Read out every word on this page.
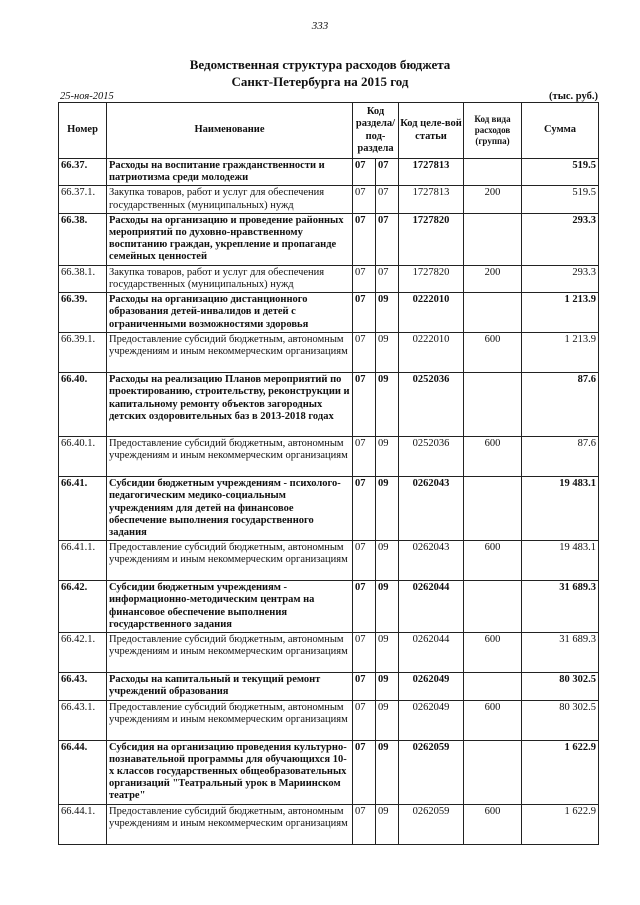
333
Ведомственная структура расходов бюджета
Санкт-Петербурга на 2015 год
25-ноя-2015	(тыс. руб.)
Номер	Наименование	Код раздела/ под-раздела		Код целе-вой статьи	Код вида расходов (группа)	Сумма
66.37.	Расходы на воспитание гражданственности и патриотизма среди молодежи	07	07	1727813		519.5
66.37.1.	Закупка товаров, работ и услуг для обеспечения государственных (муниципальных) нужд	07	07	1727813	200	519.5
66.38.	Расходы на организацию и проведение районных мероприятий по духовно-нравственному воспитанию граждан, укрепление и пропаганде семейных ценностей	07	07	1727820		293.3
66.38.1.	Закупка товаров, работ и услуг для обеспечения государственных (муниципальных) нужд	07	07	1727820	200	293.3
66.39.	Расходы на организацию дистанционного образования детей-инвалидов и детей с ограниченными возможностями здоровья	07	09	0222010		1 213.9
66.39.1.	Предоставление субсидий бюджетным, автономным учреждениям и иным некоммерческим организациям	07	09	0222010	600	1 213.9
66.40.	Расходы на реализацию Планов мероприятий по проектированию, строительству, реконструкции и капитальному ремонту объектов загородных детских оздоровительных баз в 2013-2018 годах	07	09	0252036		87.6
66.40.1.	Предоставление субсидий бюджетным, автономным учреждениям и иным некоммерческим организациям	07	09	0252036	600	87.6
66.41.	Субсидии бюджетным учреждениям - психолого-педагогическим медико-социальным учреждениям для детей на финансовое обеспечение выполнения государственного задания	07	09	0262043		19 483.1
66.41.1.	Предоставление субсидий бюджетным, автономным учреждениям и иным некоммерческим организациям	07	09	0262043	600	19 483.1
66.42.	Субсидии бюджетным учреждениям - информационно-методическим центрам на финансовое обеспечение выполнения государственного задания	07	09	0262044		31 689.3
66.42.1.	Предоставление субсидий бюджетным, автономным учреждениям и иным некоммерческим организациям	07	09	0262044	600	31 689.3
66.43.	Расходы на капитальный и текущий ремонт учреждений образования	07	09	0262049		80 302.5
66.43.1.	Предоставление субсидий бюджетным, автономным учреждениям и иным некоммерческим организациям	07	09	0262049	600	80 302.5
66.44.	Субсидия на организацию проведения культурно-познавательной программы для обучающихся 10-х классов государственных общеобразовательных организаций "Театральный урок в Мариинском театре"	07	09	0262059		1 622.9
66.44.1.	Предоставление субсидий бюджетным, автономным учреждениям и иным некоммерческим организациям	07	09	0262059	600	1 622.9
